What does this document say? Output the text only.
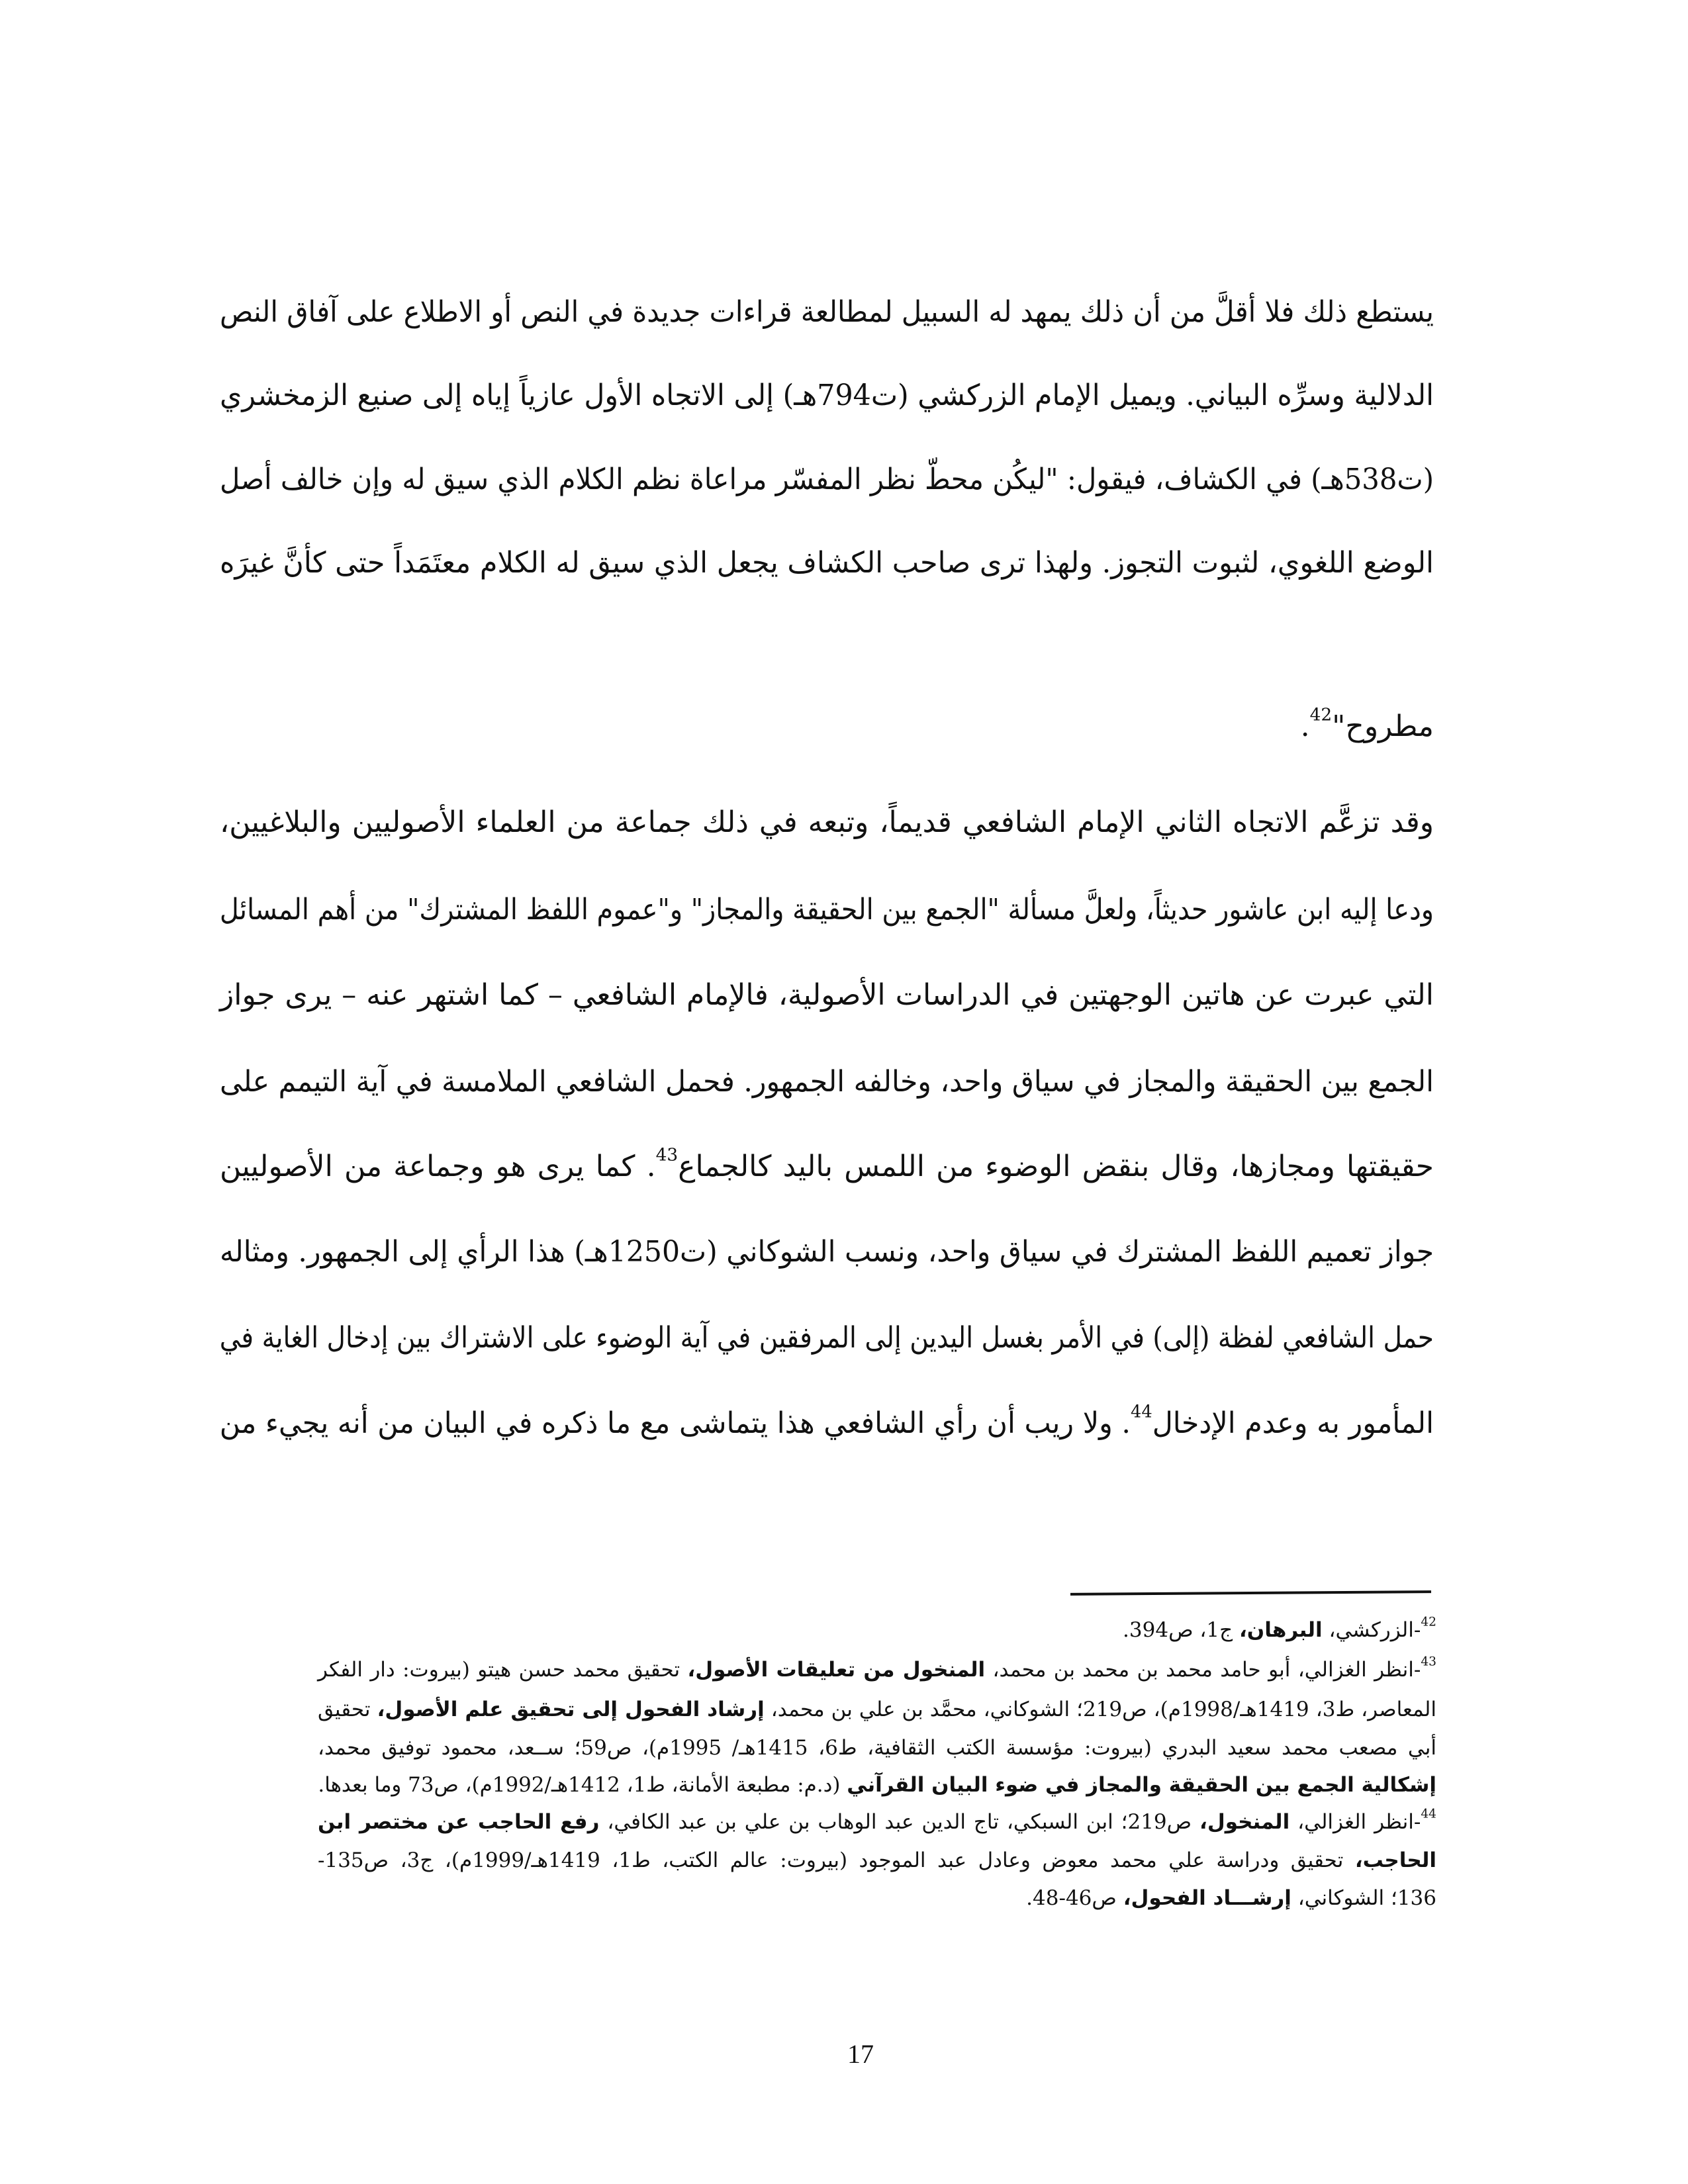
يستطع ذلك فلا أقلَّ من أن ذلك يمهد له السبيل لمطالعة قراءات جديدة في النص أو الاطلاع على آفاق النص
الدلالية وسرِّه البياني. ويميل الإمام الزركشي (ت794هـ) إلى الاتجاه الأول عازياً إياه إلى صنيع الزمخشري
(ت538هـ) في الكشاف، فيقول: "ليكُن محطّ نظر المفسّر مراعاة نظم الكلام الذي سيق له وإن خالف أصل
الوضع اللغوي، لثبوت التجوز. ولهذا ترى صاحب الكشاف يجعل الذي سيق له الكلام معتَمَداً حتى كأنَّ غيرَه
مطروح"$^{42}$.
وقد تزعَّم الاتجاه الثاني الإمام الشافعي قديماً، وتبعه في ذلك جماعة من العلماء الأصوليين والبلاغيين،
ودعا إليه ابن عاشور حديثاً، ولعلَّ مسألة "الجمع بين الحقيقة والمجاز" و"عموم اللفظ المشترك" من أهم المسائل
التي عبرت عن هاتين الوجهتين في الدراسات الأصولية، فالإمام الشافعي – كما اشتهر عنه – يرى جواز
الجمع بين الحقيقة والمجاز في سياق واحد، وخالفه الجمهور. فحمل الشافعي الملامسة في آية التيمم على
حقيقتها ومجازها، وقال بنقض الوضوء من اللمس باليد كالجماع$^{43}$. كما يرى هو وجماعة من الأصوليين
جواز تعميم اللفظ المشترك في سياق واحد، ونسب الشوكاني (ت1250هـ) هذا الرأي إلى الجمهور. ومثاله
حمل الشافعي لفظة (إلى) في الأمر بغسل اليدين إلى المرفقين في آية الوضوء على الاشتراك بين إدخال الغاية في
المأمور به وعدم الإدخال$^{44}$. ولا ريب أن رأي الشافعي هذا يتماشى مع ما ذكره في البيان من أنه يجيء من
$^{42}$-الزركشي، البرهان، ج1، ص394.
$^{43}$-انظر الغزالي، أبو حامد محمد بن محمد بن محمد، المنخول من تعليقات الأصول، تحقيق محمد حسن هيتو (بيروت: دار الفكر
المعاصر، ط3، 1419هـ/1998م)، ص219؛ الشوكاني، محمَّد بن علي بن محمد، إرشاد الفحول إلى تحقيق علم الأصول، تحقيق
أبي مصعب محمد سعيد البدري (بيروت: مؤسسة الكتب الثقافية، ط6، 1415هـ/ 1995م)، ص59؛ ســعد، محمود توفيق محمد،
إشكالية الجمع بين الحقيقة والمجاز في ضوء البيان القرآني (د.م: مطبعة الأمانة، ط1، 1412هـ/1992م)، ص73 وما بعدها.
$^{44}$-انظر الغزالي، المنخول، ص219؛ ابن السبكي، تاج الدين عبد الوهاب بن علي بن عبد الكافي، رفع الحاجب عن مختصر ابن
الحاجب، تحقيق ودراسة علي محمد معوض وعادل عبد الموجود (بيروت: عالم الكتب، ط1، 1419هـ/1999م)، ج3، ص135-
136؛ الشوكاني، إرشـــاد الفحول، ص46-48.
17
